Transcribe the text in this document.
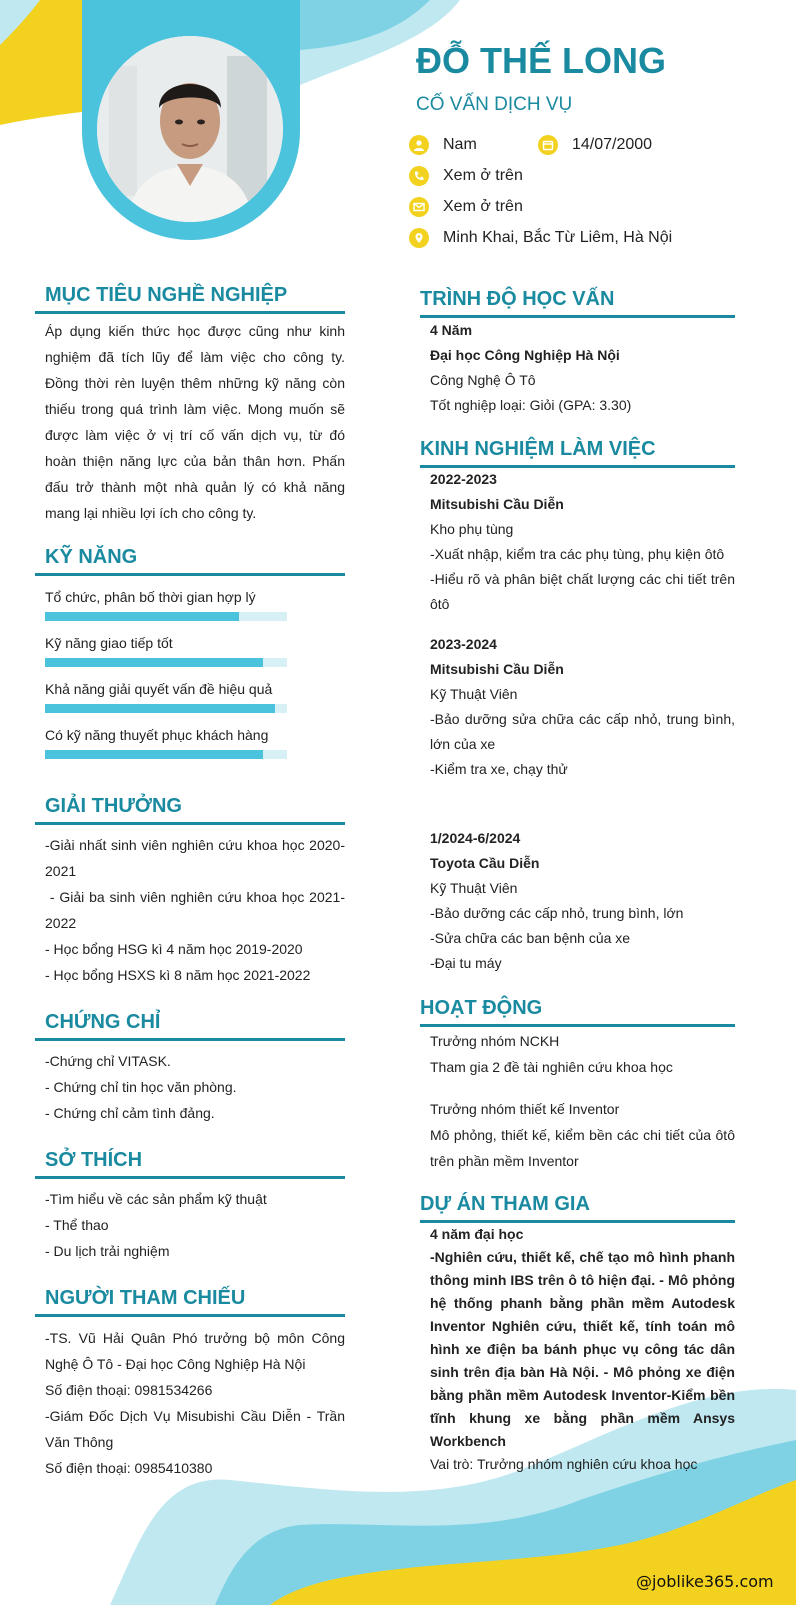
ĐỖ THẾ LONG
CỐ VẤN DỊCH VỤ
Nam	14/07/2000
Xem ở trên
Xem ở trên
Minh Khai, Bắc Từ Liêm, Hà Nội
MỤC TIÊU NGHỀ NGHIỆP

Áp dụng kiến thức học được cũng như kinh nghiệm đã tích lũy để làm việc cho công ty. Đồng thời rèn luyện thêm những kỹ năng còn thiếu trong quá trình làm việc. Mong muốn sẽ được làm việc ở vị trí cố vấn dịch vụ, từ đó hoàn thiện năng lực của bản thân hơn. Phấn đấu trở thành một nhà quản lý có khả năng mang lại nhiều lợi ích cho công ty.

KỸ NĂNG
Tổ chức, phân bố thời gian hợp lý
Kỹ năng giao tiếp tốt
Khả năng giải quyết vấn đề hiệu quả
Có kỹ năng thuyết phục khách hàng
GIẢI THƯỞNG
-Giải nhất sinh viên nghiên cứu khoa học 2020-2021
- Giải ba sinh viên nghiên cứu khoa học 2021-2022
- Học bổng HSG kì 4 năm học 2019-2020
- Học bổng HSXS kì 8 năm học 2021-2022
CHỨNG CHỈ
-Chứng chỉ VITASK.
- Chứng chỉ tin học văn phòng.
- Chứng chỉ cảm tình đảng.
SỞ THÍCH
-Tìm hiểu về các sản phẩm kỹ thuật
- Thể thao
- Du lịch trải nghiệm
NGƯỜI THAM CHIẾU
-TS. Vũ Hải Quân Phó trưởng bộ môn Công Nghệ Ô Tô - Đại học Công Nghiệp Hà Nội
Số điện thoại: 0981534266
-Giám Đốc Dịch Vụ Misubishi Cầu Diễn - Trần Văn Thông
Số điện thoại: 0985410380
TRÌNH ĐỘ HỌC VẤN
4 Năm
Đại học Công Nghiệp Hà Nội
Công Nghệ Ô Tô
Tốt nghiệp loại: Giỏi (GPA: 3.30)
KINH NGHIỆM LÀM VIỆC
2022-2023
Mitsubishi Cầu Diễn
Kho phụ tùng
-Xuất nhập, kiểm tra các phụ tùng, phụ kiện ôtô
-Hiểu rõ và phân biệt chất lượng các chi tiết trên ôtô
2023-2024
Mitsubishi Cầu Diễn
Kỹ Thuật Viên
-Bảo dưỡng sửa chữa các cấp nhỏ, trung bình, lớn của xe
-Kiểm tra xe, chạy thử
1/2024-6/2024
Toyota Cầu Diễn
Kỹ Thuật Viên
-Bảo dưỡng các cấp nhỏ, trung bình, lớn
-Sửa chữa các ban bệnh của xe
-Đại tu máy
HOẠT ĐỘNG
Trưởng nhóm NCKH
Tham gia 2 đề tài nghiên cứu khoa học
Trưởng nhóm thiết kế Inventor
Mô phỏng, thiết kế, kiểm bền các chi tiết của ôtô trên phần mềm Inventor
DỰ ÁN THAM GIA
4 năm đại học
-Nghiên cứu, thiết kế, chế tạo mô hình phanh thông minh IBS trên ô tô hiện đại. - Mô phỏng hệ thống phanh bằng phần mềm Autodesk Inventor Nghiên cứu, thiết kế, tính toán mô hình xe điện ba bánh phục vụ công tác dân sinh trên địa bàn Hà Nội. - Mô phỏng xe điện bằng phần mềm Autodesk Inventor-Kiểm bền tĩnh khung xe bằng phần mềm Ansys Workbench
Vai trò: Trưởng nhóm nghiên cứu khoa học
@joblike365.com
